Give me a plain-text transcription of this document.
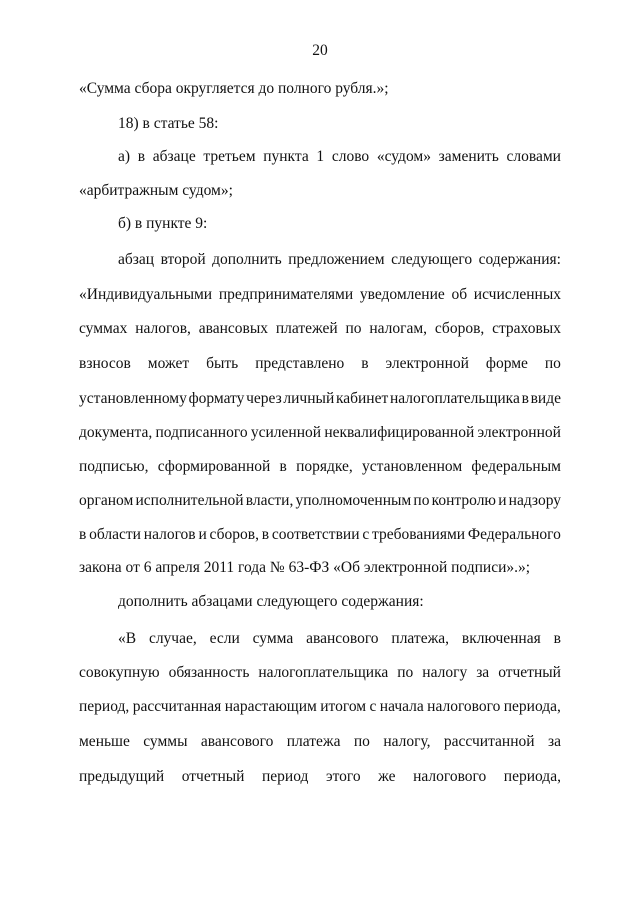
20
«Сумма сбора округляется до полного рубля.»;
18) в статье 58:
а) в абзаце третьем пункта 1 слово «судом» заменить словами
«арбитражным судом»;
б) в пункте 9:
абзац второй дополнить предложением следующего содержания:
«Индивидуальными предпринимателями уведомление об исчисленных
суммах налогов, авансовых платежей по налогам, сборов, страховых
взносов может быть представлено в электронной форме по
установленному формату через личный кабинет налогоплательщика в виде
документа, подписанного усиленной неквалифицированной электронной
подписью, сформированной в порядке, установленном федеральным
органом исполнительной власти, уполномоченным по контролю и надзору
в области налогов и сборов, в соответствии с требованиями Федерального
закона от 6 апреля 2011 года № 63-ФЗ «Об электронной подписи».»;
дополнить абзацами следующего содержания:
«В случае, если сумма авансового платежа, включенная в
совокупную обязанность налогоплательщика по налогу за отчетный
период, рассчитанная нарастающим итогом с начала налогового периода,
меньше суммы авансового платежа по налогу, рассчитанной за
предыдущий отчетный период этого же налогового периода,
